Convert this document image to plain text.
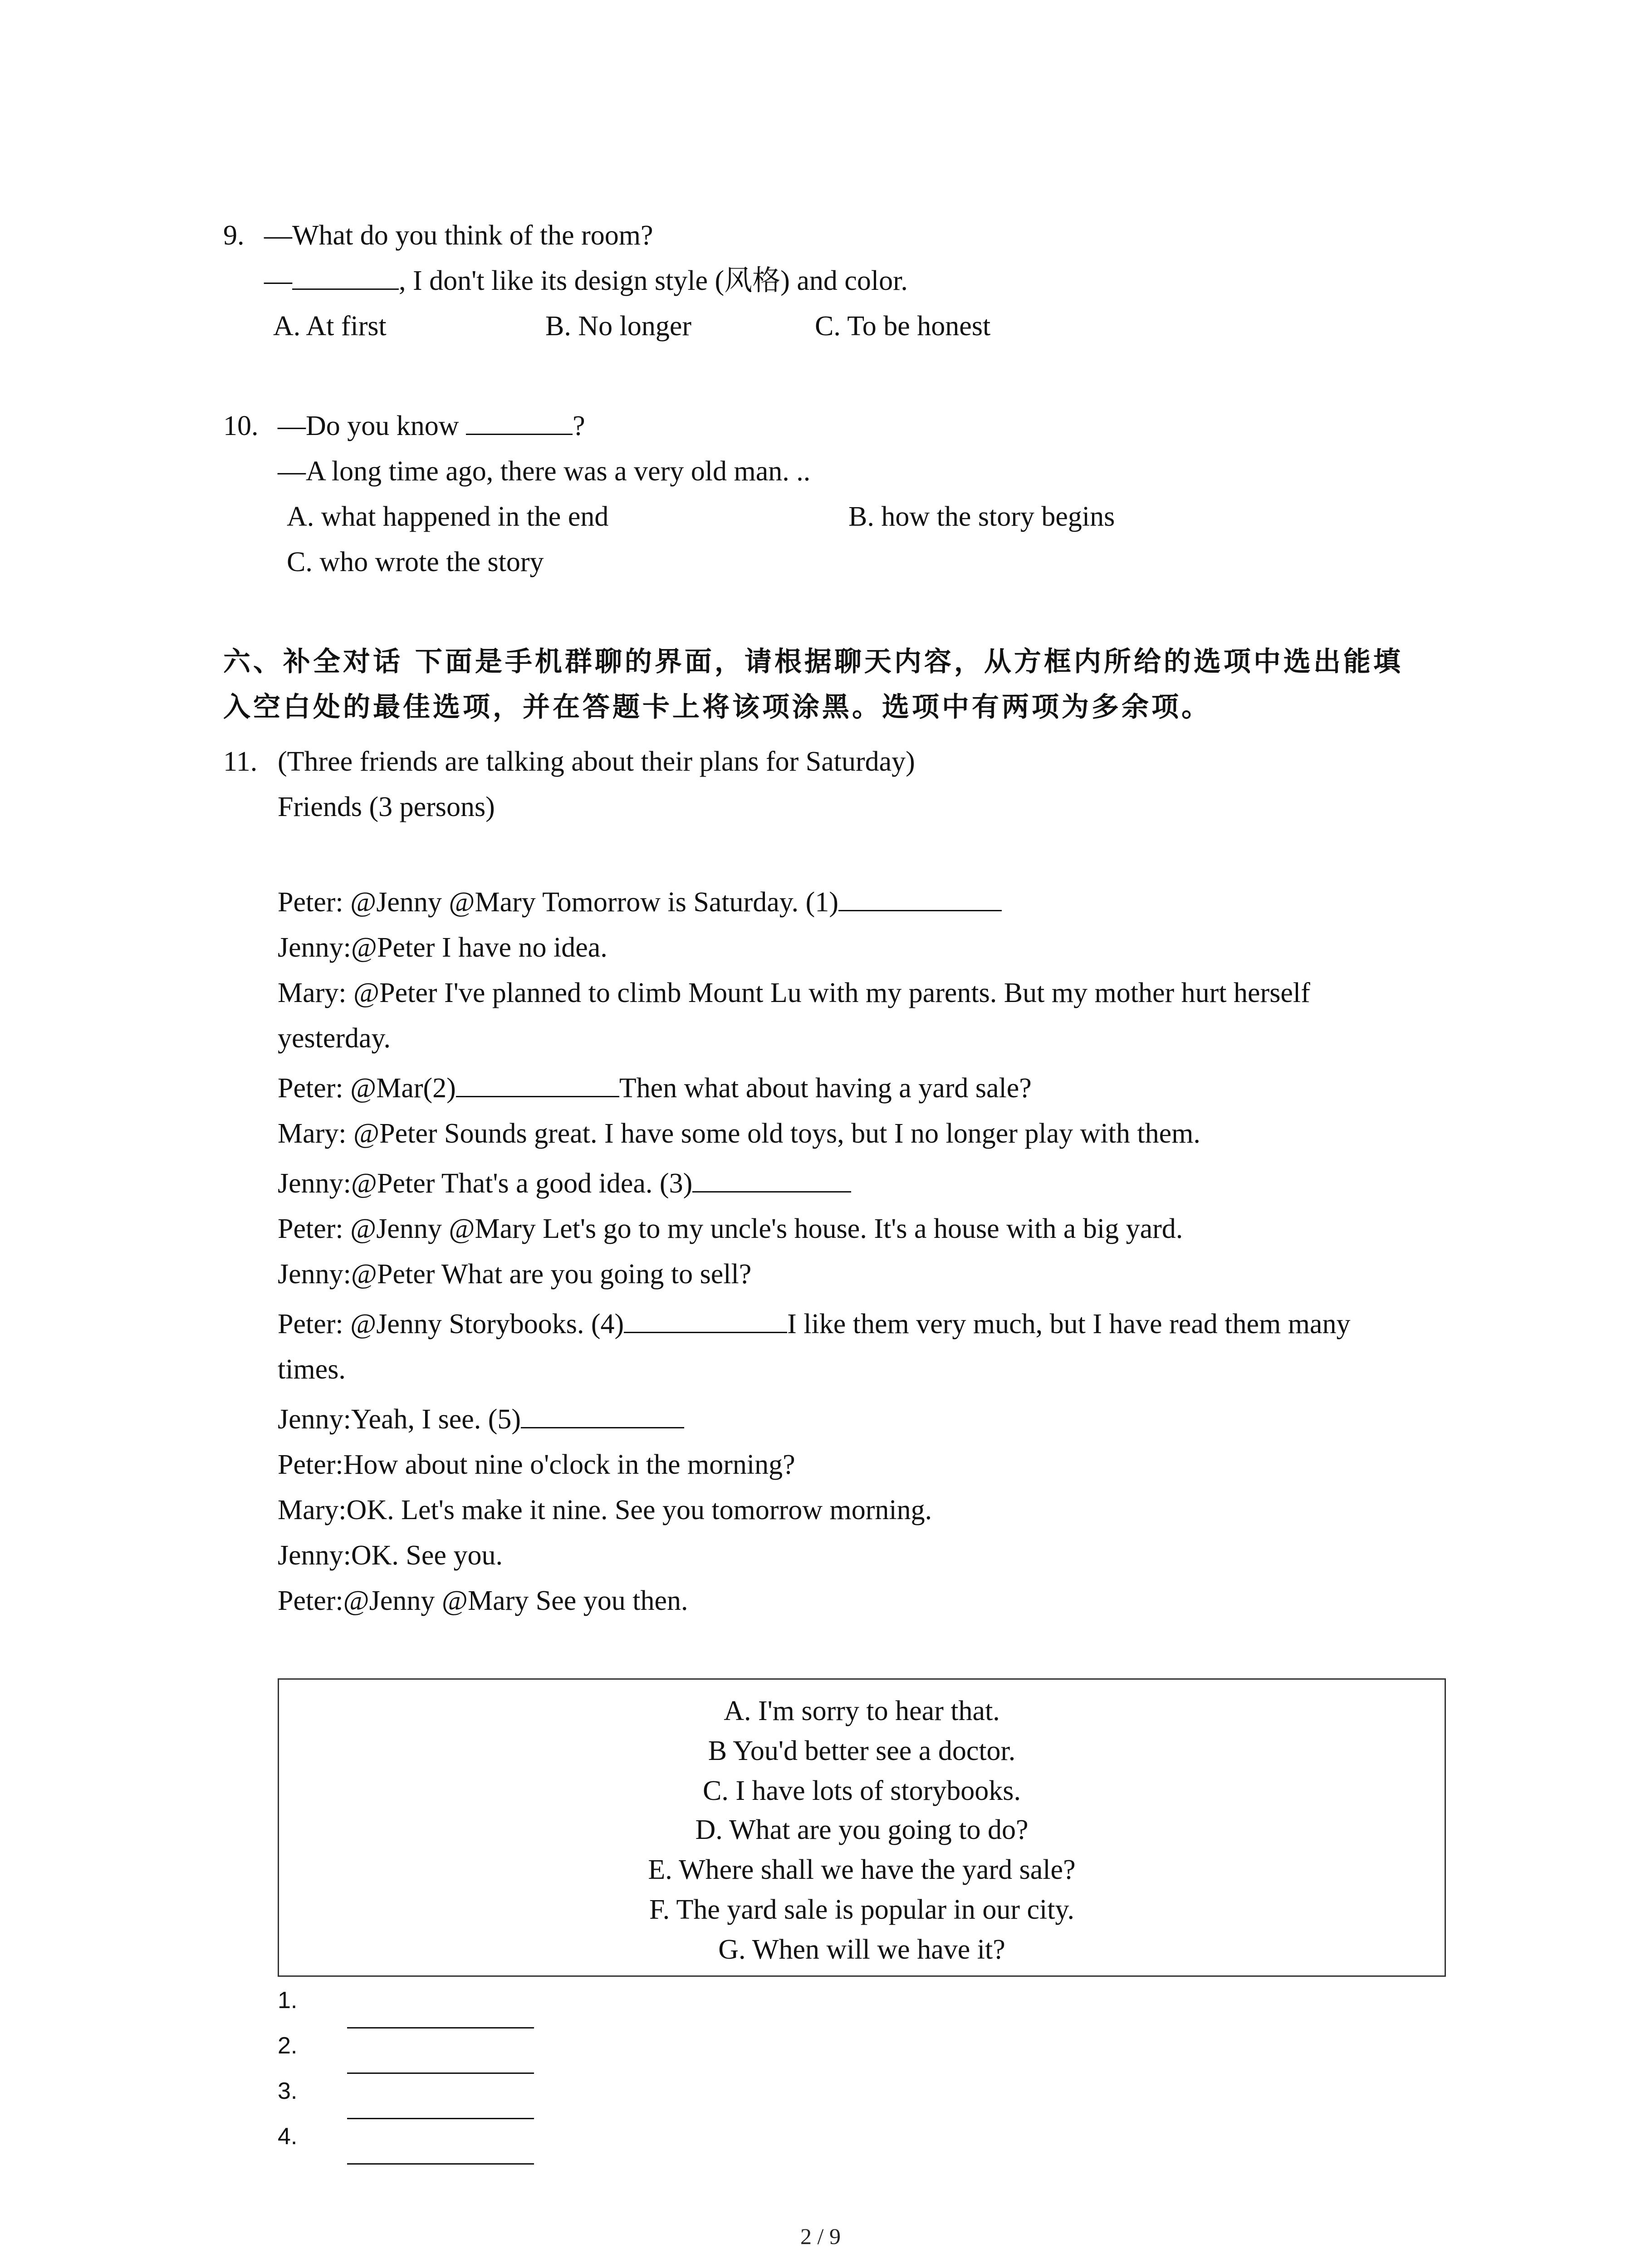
9. —What do you think of the room?
—	, I don't like its design style (风格) and color.
A. At first	B. No longer	C. To be honest
10. —Do you know	?
—A long time ago, there was a very old man. ..
A. what happened in the end	B. how the story begins
C. who wrote the story
六、补全对话 下面是手机群聊的界面，请根据聊天内容，从方框内所给的选项中选出能填
入空白处的最佳选项，并在答题卡上将该项涂黑。选项中有两项为多余项。
11. (Three friends are talking about their plans for Saturday)
Friends (3 persons)
Peter: @Jenny @Mary Tomorrow is Saturday. (1)
Jenny:@Peter I have no idea.
Mary: @Peter I've planned to climb Mount Lu with my parents. But my mother hurt herself
yesterday.
Peter: @Mar(2)	Then what about having a yard sale?
Mary: @Peter Sounds great. I have some old toys, but I no longer play with them.
Jenny:@Peter That's a good idea. (3)
Peter: @Jenny @Mary Let's go to my uncle's house. It's a house with a big yard.
Jenny:@Peter What are you going to sell?
Peter: @Jenny Storybooks. (4)	I like them very much, but I have read them many
times.
Jenny:Yeah, I see. (5)
Peter:How about nine o'clock in the morning?
Mary:OK. Let's make it nine. See you tomorrow morning.
Jenny:OK. See you.
Peter:@Jenny @Mary See you then.
A. I'm sorry to hear that.
B You'd better see a doctor.
C. I have lots of storybooks.
D. What are you going to do?
E. Where shall we have the yard sale?
F. The yard sale is popular in our city.
G. When will we have it?
1.
2.
3.
4.
2 / 9
